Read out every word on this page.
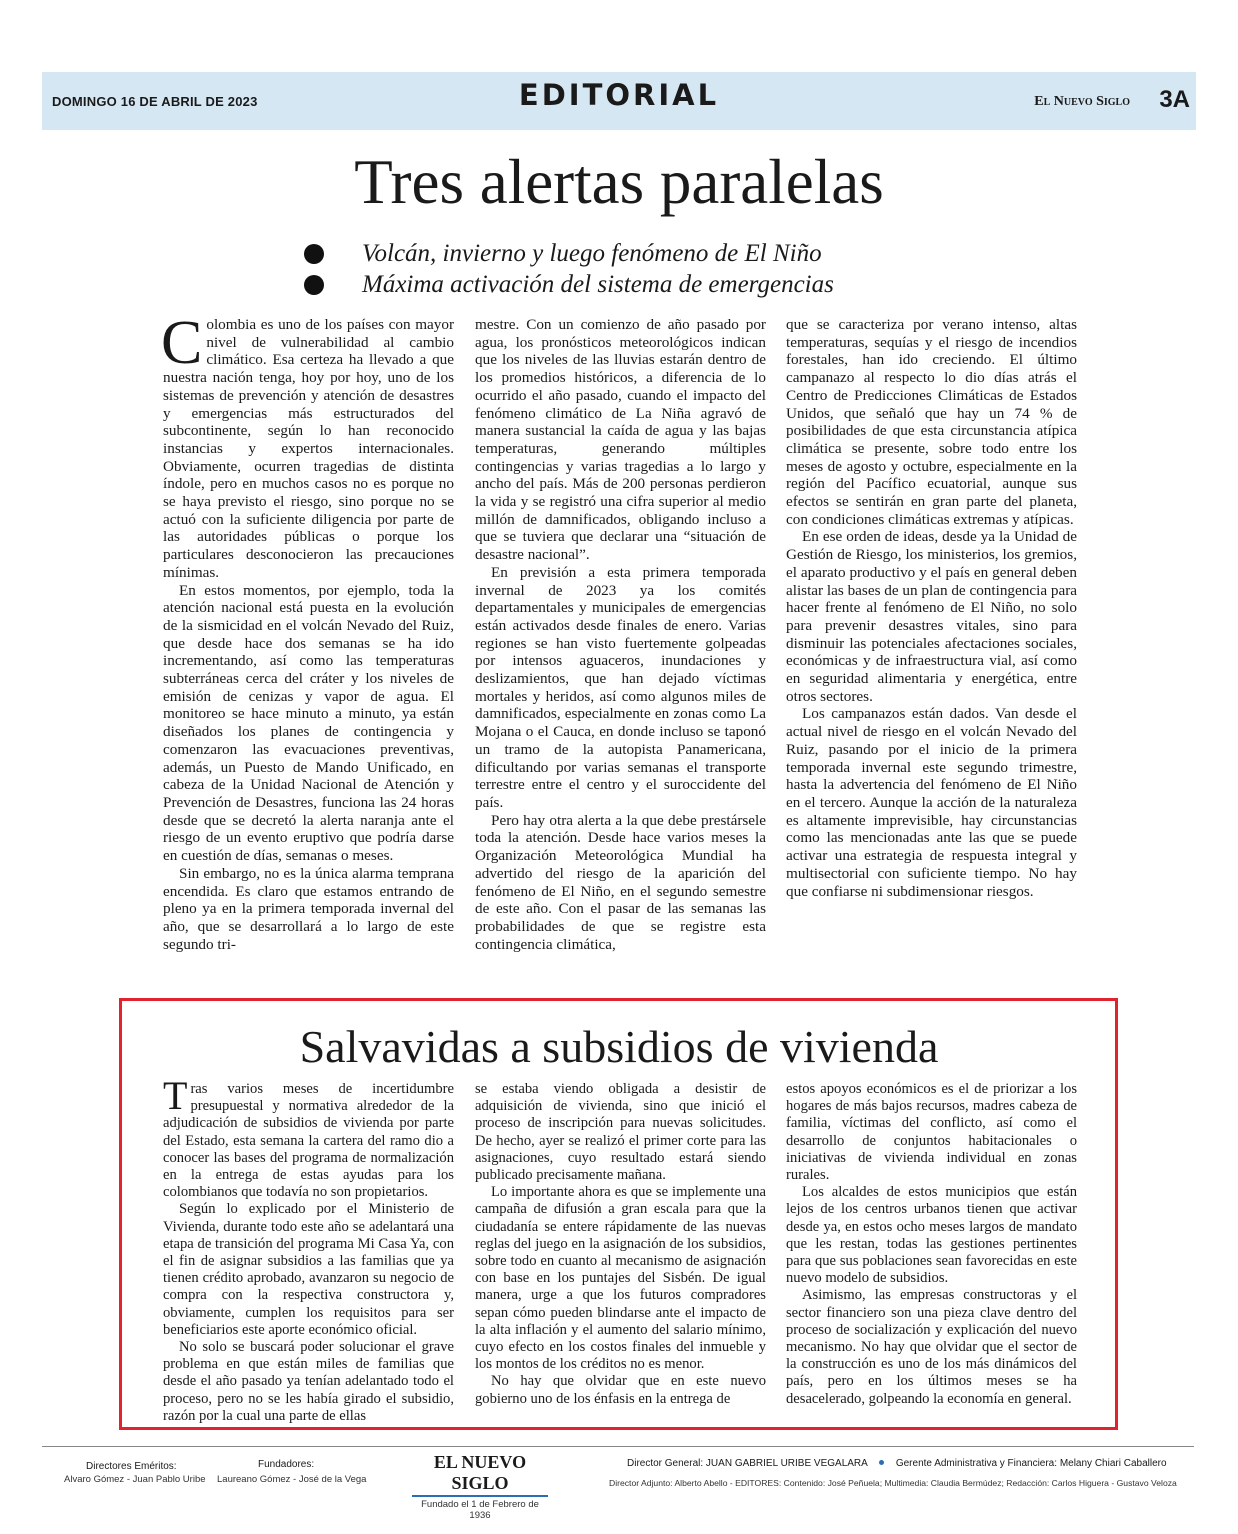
DOMINGO 16 DE ABRIL DE 2023	EDITORIAL	El Nuevo Siglo 3A
Tres alertas paralelas
Volcán, invierno y luego fenómeno de El Niño
Máxima activación del sistema de emergencias

Colombia es uno de los países con mayor nivel de vulnerabilidad al cambio climático. Esa certeza ha llevado a que nuestra nación tenga, hoy por hoy, uno de los sistemas de prevención y atención de desastres y emergencias más estructurados del subcontinente, según lo han reconocido instancias y expertos internacionales. Obviamente, ocurren tragedias de distinta índole, pero en muchos casos no es porque no se haya previsto el riesgo, sino porque no se actuó con la suficiente diligencia por parte de las autoridades públicas o porque los particulares desconocieron las precauciones mínimas.

En estos momentos, por ejemplo, toda la atención nacional está puesta en la evolución de la sismicidad en el volcán Nevado del Ruiz, que desde hace dos semanas se ha ido incrementando, así como las temperaturas subterráneas cerca del cráter y los niveles de emisión de cenizas y vapor de agua. El monitoreo se hace minuto a minuto, ya están diseñados los planes de contingencia y comenzaron las evacuaciones preventivas, además, un Puesto de Mando Unificado, en cabeza de la Unidad Nacional de Atención y Prevención de Desastres, funciona las 24 horas desde que se decretó la alerta naranja ante el riesgo de un evento eruptivo que podría darse en cuestión de días, semanas o meses.

Sin embargo, no es la única alarma temprana encendida. Es claro que estamos entrando de pleno ya en la primera temporada invernal del año, que se desarrollará a lo largo de este segundo tri-

mestre. Con un comienzo de año pasado por agua, los pronósticos meteorológicos indican que los niveles de las lluvias estarán dentro de los promedios históricos, a diferencia de lo ocurrido el año pasado, cuando el impacto del fenómeno climático de La Niña agravó de manera sustancial la caída de agua y las bajas temperaturas, generando múltiples contingencias y varias tragedias a lo largo y ancho del país. Más de 200 personas perdieron la vida y se registró una cifra superior al medio millón de damnificados, obligando incluso a que se tuviera que declarar una “situación de desastre nacional”.

En previsión a esta primera temporada invernal de 2023 ya los comités departamentales y municipales de emergencias están activados desde finales de enero. Varias regiones se han visto fuertemente golpeadas por intensos aguaceros, inundaciones y deslizamientos, que han dejado víctimas mortales y heridos, así como algunos miles de damnificados, especialmente en zonas como La Mojana o el Cauca, en donde incluso se taponó un tramo de la autopista Panamericana, dificultando por varias semanas el transporte terrestre entre el centro y el suroccidente del país.

Pero hay otra alerta a la que debe prestársele toda la atención. Desde hace varios meses la Organización Meteorológica Mundial ha advertido del riesgo de la aparición del fenómeno de El Niño, en el segundo semestre de este año. Con el pasar de las semanas las probabilidades de que se registre esta contingencia climática,

que se caracteriza por verano intenso, altas temperaturas, sequías y el riesgo de incendios forestales, han ido creciendo. El último campanazo al respecto lo dio días atrás el Centro de Predicciones Climáticas de Estados Unidos, que señaló que hay un 74 % de posibilidades de que esta circunstancia atípica climática se presente, sobre todo entre los meses de agosto y octubre, especialmente en la región del Pacífico ecuatorial, aunque sus efectos se sentirán en gran parte del planeta, con condiciones climáticas extremas y atípicas.

En ese orden de ideas, desde ya la Unidad de Gestión de Riesgo, los ministerios, los gremios, el aparato productivo y el país en general deben alistar las bases de un plan de contingencia para hacer frente al fenómeno de El Niño, no solo para prevenir desastres vitales, sino para disminuir las potenciales afectaciones sociales, económicas y de infraestructura vial, así como en seguridad alimentaria y energética, entre otros sectores.

Los campanazos están dados. Van desde el actual nivel de riesgo en el volcán Nevado del Ruiz, pasando por el inicio de la primera temporada invernal este segundo trimestre, hasta la advertencia del fenómeno de El Niño en el tercero. Aunque la acción de la naturaleza es altamente imprevisible, hay circunstancias como las mencionadas ante las que se puede activar una estrategia de respuesta integral y multisectorial con suficiente tiempo. No hay que confiarse ni subdimensionar riesgos.

Salvavidas a subsidios de vivienda

Tras varios meses de incertidumbre presupuestal y normativa alrededor de la adjudicación de subsidios de vivienda por parte del Estado, esta semana la cartera del ramo dio a conocer las bases del programa de normalización en la entrega de estas ayudas para los colombianos que todavía no son propietarios.

Según lo explicado por el Ministerio de Vivienda, durante todo este año se adelantará una etapa de transición del programa Mi Casa Ya, con el fin de asignar subsidios a las familias que ya tienen crédito aprobado, avanzaron su negocio de compra con la respectiva constructora y, obviamente, cumplen los requisitos para ser beneficiarios este aporte económico oficial.

No solo se buscará poder solucionar el grave problema en que están miles de familias que desde el año pasado ya tenían adelantado todo el proceso, pero no se les había girado el subsidio, razón por la cual una parte de ellas

se estaba viendo obligada a desistir de adquisición de vivienda, sino que inició el proceso de inscripción para nuevas solicitudes. De hecho, ayer se realizó el primer corte para las asignaciones, cuyo resultado estará siendo publicado precisamente mañana.

Lo importante ahora es que se implemente una campaña de difusión a gran escala para que la ciudadanía se entere rápidamente de las nuevas reglas del juego en la asignación de los subsidios, sobre todo en cuanto al mecanismo de asignación con base en los puntajes del Sisbén. De igual manera, urge a que los futuros compradores sepan cómo pueden blindarse ante el impacto de la alta inflación y el aumento del salario mínimo, cuyo efecto en los costos finales del inmueble y los montos de los créditos no es menor.

No hay que olvidar que en este nuevo gobierno uno de los énfasis en la entrega de

estos apoyos económicos es el de priorizar a los hogares de más bajos recursos, madres cabeza de familia, víctimas del conflicto, así como el desarrollo de conjuntos habitacionales o iniciativas de vivienda individual en zonas rurales.

Los alcaldes de estos municipios que están lejos de los centros urbanos tienen que activar desde ya, en estos ocho meses largos de mandato que les restan, todas las gestiones pertinentes para que sus poblaciones sean favorecidas en este nuevo modelo de subsidios.

Asimismo, las empresas constructoras y el sector financiero son una pieza clave dentro del proceso de socialización y explicación del nuevo mecanismo. No hay que olvidar que el sector de la construcción es uno de los más dinámicos del país, pero en los últimos meses se ha desacelerado, golpeando la economía en general.

Directores Eméritos:
Alvaro Gómez - Juan Pablo Uribe
Fundadores:
Laureano Gómez - José de la Vega
EL NUEVO SIGLO
Fundado el 1 de Febrero de 1936
Director General: JUAN GABRIEL URIBE VEGALARA	Gerente Administrativa y Financiera: Melany Chiari Caballero
Director Adjunto: Alberto Abello - EDITORES: Contenido: José Peñuela; Multimedia: Claudia Bermúdez; Redacción: Carlos Higuera - Gustavo Veloza
